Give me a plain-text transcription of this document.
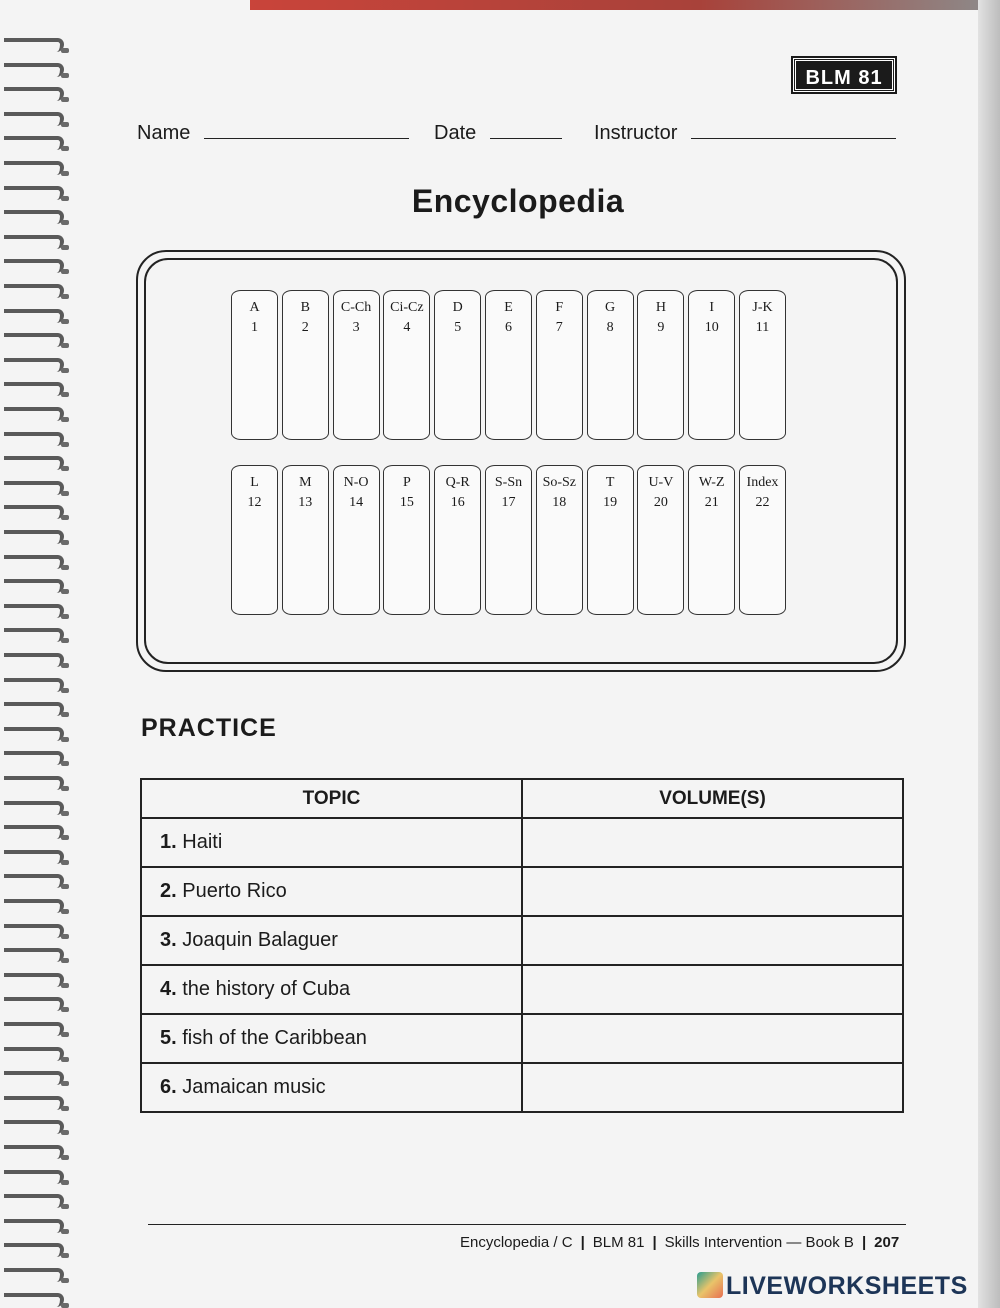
BLM 81
Name	Date	Instructor
Encyclopedia
A
1
B
2
C-Ch
3
Ci-Cz
4
D
5
E
6
F
7
G
8
H
9
I
10
J-K
11
L
12
M
13
N-O
14
P
15
Q-R
16
S-Sn
17
So-Sz
18
T
19
U-V
20
W-Z
21
Index
22
PRACTICE
TOPIC	VOLUME(S)
1. Haiti	
2. Puerto Rico	
3. Joaquin Balaguer	
4. the history of Cuba	
5. fish of the Caribbean	
6. Jamaican music	
Encyclopedia / C | BLM 81 | Skills Intervention — Book B | 207
LIVEWORKSHEETS
